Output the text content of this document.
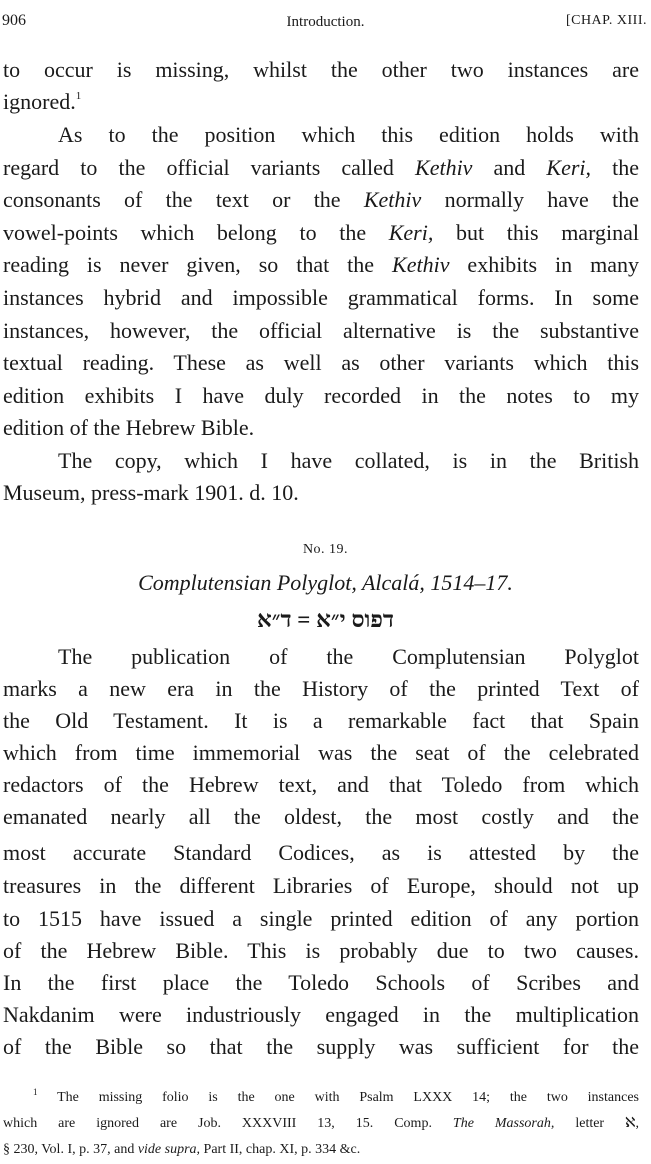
906	Introduction.	[CHAP. XIII.
to occur is missing, whilst the other two instances are
ignored.$^1$
As to the position which this edition holds with
regard to the official variants called Kethiv and Keri, the
consonants of the text or the Kethiv normally have the
vowel-points which belong to the Keri, but this marginal
reading is never given, so that the Kethiv exhibits in many
instances hybrid and impossible grammatical forms. In some
instances, however, the official alternative is the substantive
textual reading. These as well as other variants which this
edition exhibits I have duly recorded in the notes to my
edition of the Hebrew Bible.
The copy, which I have collated, is in the British
Museum, press-mark 1901. d. 10.
No. 19.
Complutensian Polyglot, Alcalá, 1514–17.
דפוס י״א = ד״א
The publication of the Complutensian Polyglot
marks a new era in the History of the printed Text of
the Old Testament. It is a remarkable fact that Spain
which from time immemorial was the seat of the celebrated
redactors of the Hebrew text, and that Toledo from which
emanated nearly all the oldest, the most costly and the
most accurate Standard Codices, as is attested by the
treasures in the different Libraries of Europe, should not up
to 1515 have issued a single printed edition of any portion
of the Hebrew Bible. This is probably due to two causes.
In the first place the Toledo Schools of Scribes and
Nakdanim were industriously engaged in the multiplication
of the Bible so that the supply was sufficient for the
$^1$ The missing folio is the one with Psalm LXXX 14; the two instances
which are ignored are Job. XXXVIII 13, 15. Comp. The Massorah, letter ℵ,
§ 230, Vol. I, p. 37, and vide supra, Part II, chap. XI, p. 334 &c.
